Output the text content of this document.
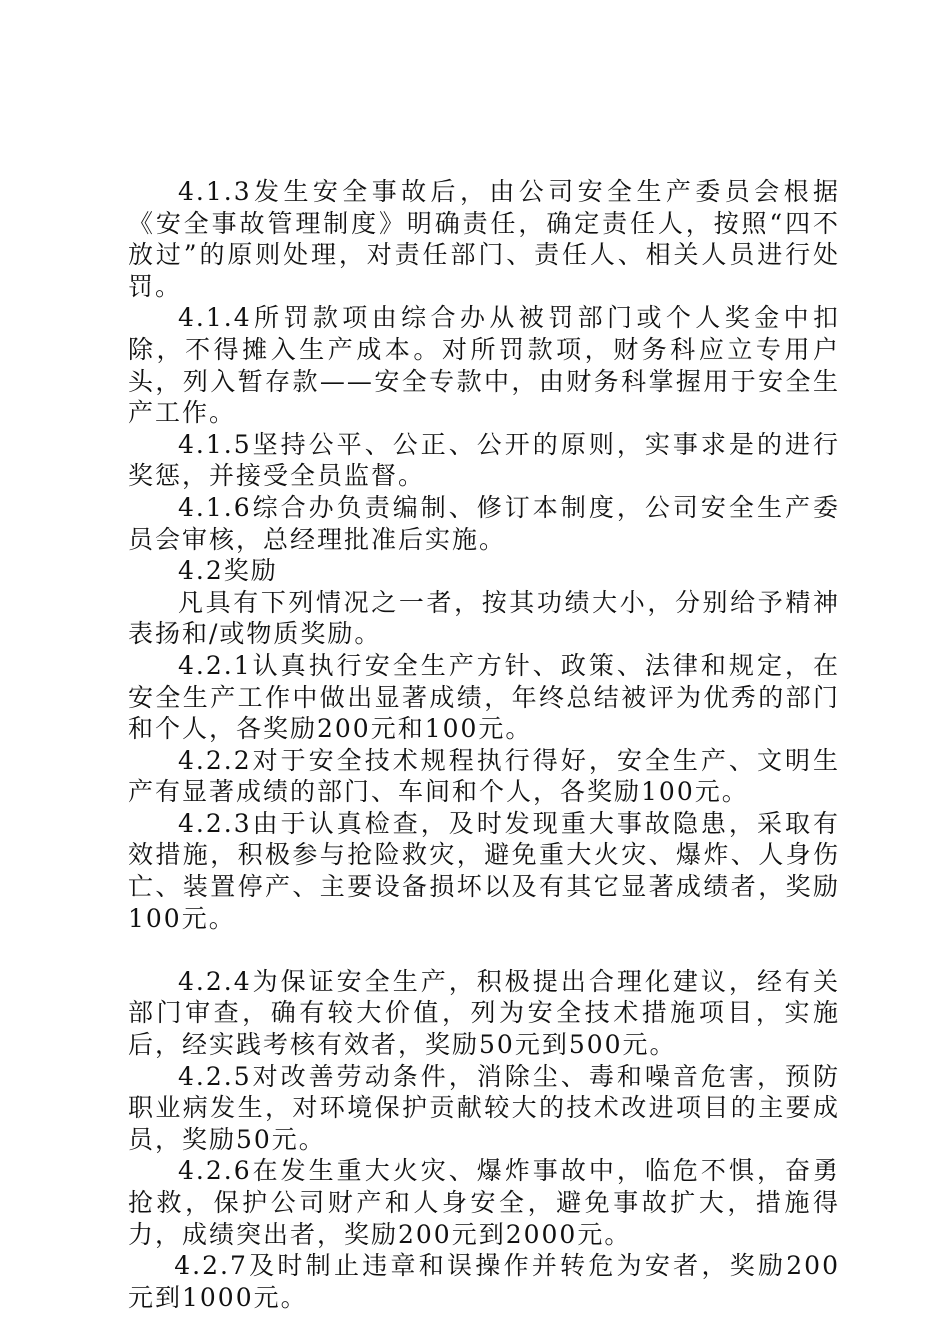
4.1.3发生安全事故后，由公司安全生产委员会根据《安全事故管理制度》明确责任，确定责任人，按照“四不放过”的原则处理，对责任部门、责任人、相关人员进行处罚。

4.1.4所罚款项由综合办从被罚部门或个人奖金中扣除，不得摊入生产成本。对所罚款项，财务科应立专用户头，列入暂存款——安全专款中，由财务科掌握用于安全生产工作。

4.1.5坚持公平、公正、公开的原则，实事求是的进行奖惩，并接受全员监督。

4.1.6综合办负责编制、修订本制度，公司安全生产委员会审核，总经理批准后实施。

4.2奖励

凡具有下列情况之一者，按其功绩大小，分别给予精神表扬和/或物质奖励。

4.2.1认真执行安全生产方针、政策、法律和规定，在安全生产工作中做出显著成绩，年终总结被评为优秀的部门和个人，各奖励200元和100元。

4.2.2对于安全技术规程执行得好，安全生产、文明生产有显著成绩的部门、车间和个人，各奖励100元。

4.2.3由于认真检查，及时发现重大事故隐患，采取有效措施，积极参与抢险救灾，避免重大火灾、爆炸、人身伤亡、装置停产、主要设备损坏以及有其它显著成绩者，奖励100元。

4.2.4为保证安全生产，积极提出合理化建议，经有关部门审查，确有较大价值，列为安全技术措施项目，实施后，经实践考核有效者，奖励50元到500元。

4.2.5对改善劳动条件，消除尘、毒和噪音危害，预防职业病发生，对环境保护贡献较大的技术改进项目的主要成员，奖励50元。

4.2.6在发生重大火灾、爆炸事故中，临危不惧，奋勇抢救，保护公司财产和人身安全，避免事故扩大，措施得力，成绩突出者，奖励200元到2000元。

4.2.7及时制止违章和误操作并转危为安者，奖励200元到1000元。
